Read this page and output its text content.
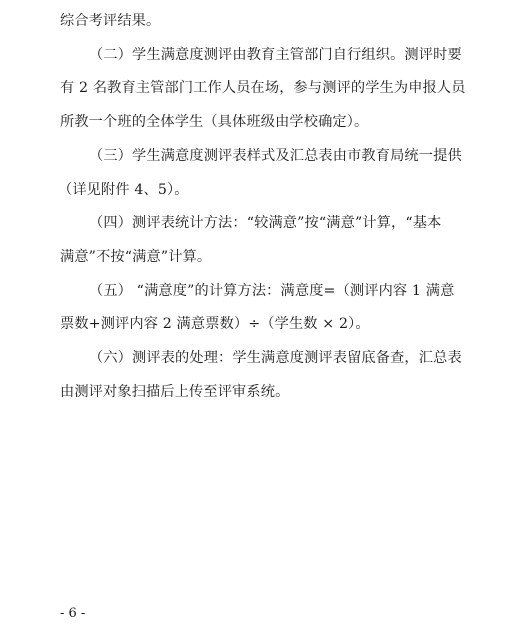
综合考评结果。
（二）学生满意度测评由教育主管部门自行组织。测评时要
有 2 名教育主管部门工作人员在场，参与测评的学生为申报人员
所教一个班的全体学生（具体班级由学校确定）。
（三）学生满意度测评表样式及汇总表由市教育局统一提供
（详见附件 4、5）。
（四）测评表统计方法：“较满意”按“满意”计算，“基本
满意”不按“满意”计算。
（五） “满意度”的计算方法：满意度=（测评内容 1 满意
票数+测评内容 2 满意票数）÷（学生数 × 2）。
（六）测评表的处理：学生满意度测评表留底备查，汇总表
由测评对象扫描后上传至评审系统。
- 6 -
